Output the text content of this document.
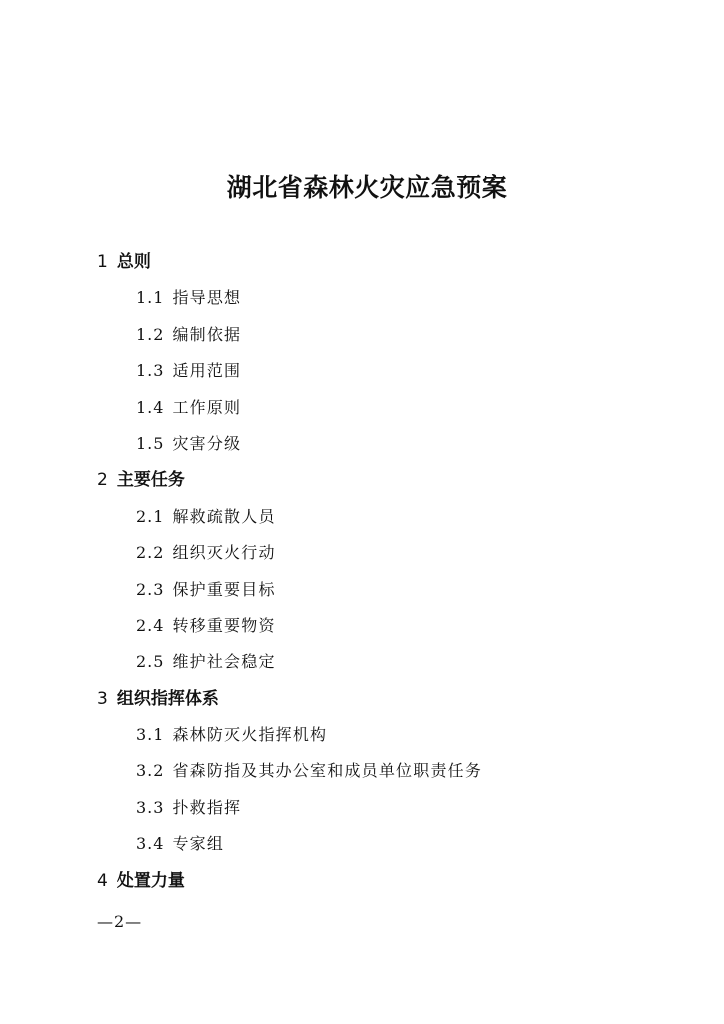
湖北省森林火灾应急预案
1 总则
1.1 指导思想
1.2 编制依据
1.3 适用范围
1.4 工作原则
1.5 灾害分级
2 主要任务
2.1 解救疏散人员
2.2 组织灭火行动
2.3 保护重要目标
2.4 转移重要物资
2.5 维护社会稳定
3 组织指挥体系
3.1 森林防灭火指挥机构
3.2 省森防指及其办公室和成员单位职责任务
3.3 扑救指挥
3.4 专家组
4 处置力量
—2—
